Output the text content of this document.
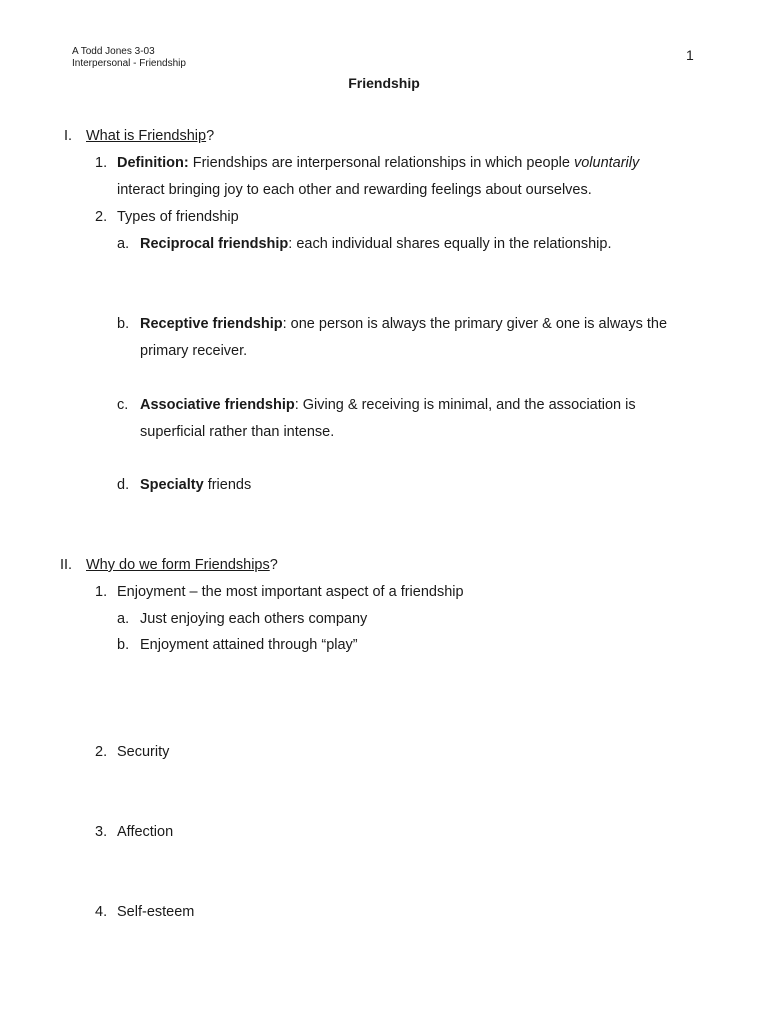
A Todd Jones 3-03
Interpersonal - Friendship
1
Friendship
I. What is Friendship?
1. Definition: Friendships are interpersonal relationships in which people voluntarily
interact bringing joy to each other and rewarding feelings about ourselves.
2. Types of friendship
a. Reciprocal friendship: each individual shares equally in the relationship.
b. Receptive friendship: one person is always the primary giver & one is always the
primary receiver.
c. Associative friendship: Giving & receiving is minimal, and the association is
superficial rather than intense.
d. Specialty friends
II. Why do we form Friendships?
1. Enjoyment – the most important aspect of a friendship
a. Just enjoying each others company
b. Enjoyment attained through “play”
2. Security
3. Affection
4. Self-esteem
